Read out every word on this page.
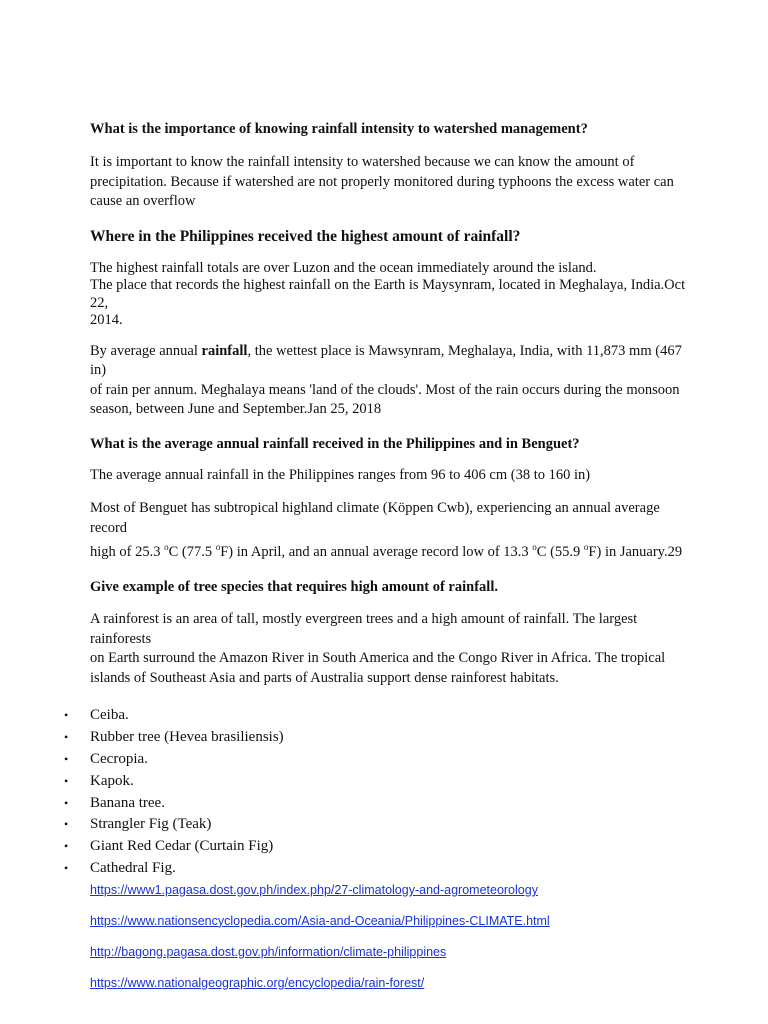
What is the importance of knowing rainfall intensity to watershed management?

It is important to know the rainfall intensity to watershed because we can know the amount of
precipitation. Because if watershed are not properly monitored during typhoons the excess water can
cause an overflow

Where in the Philippines received the highest amount of rainfall?

The highest rainfall totals are over Luzon and the ocean immediately around the island.
The place that records the highest rainfall on the Earth is Maysynram, located in Meghalaya, India.Oct 22,
2014.

By average annual rainfall, the wettest place is Mawsynram, Meghalaya, India, with 11,873 mm (467 in)
of rain per annum. Meghalaya means 'land of the clouds'. Most of the rain occurs during the monsoon
season, between June and September.Jan 25, 2018

What is the average annual rainfall received in the Philippines and in Benguet?

The average annual rainfall in the Philippines ranges from 96 to 406 cm (38 to 160 in)

Most of Benguet has subtropical highland climate (Köppen Cwb), experiencing an annual average record
high of 25.3 $^o$C (77.5 $^o$F) in April, and an annual average record low of 13.3 $^o$C (55.9 $^o$F) in January.29

Give example of tree species that requires high amount of rainfall.

A rainforest is an area of tall, mostly evergreen trees and a high amount of rainfall. The largest rainforests
on Earth surround the Amazon River in South America and the Congo River in Africa. The tropical
islands of Southeast Asia and parts of Australia support dense rainforest habitats.

• Ceiba.
• Rubber tree (Hevea brasiliensis)
• Cecropia.
• Kapok.
• Banana tree.
• Strangler Fig (Teak)
• Giant Red Cedar (Curtain Fig)
• Cathedral Fig.
https://www1.pagasa.dost.gov.ph/index.php/27-climatology-and-agrometeorology
https://www.nationsencyclopedia.com/Asia-and-Oceania/Philippines-CLIMATE.html
http://bagong.pagasa.dost.gov.ph/information/climate-philippines
https://www.nationalgeographic.org/encyclopedia/rain-forest/
